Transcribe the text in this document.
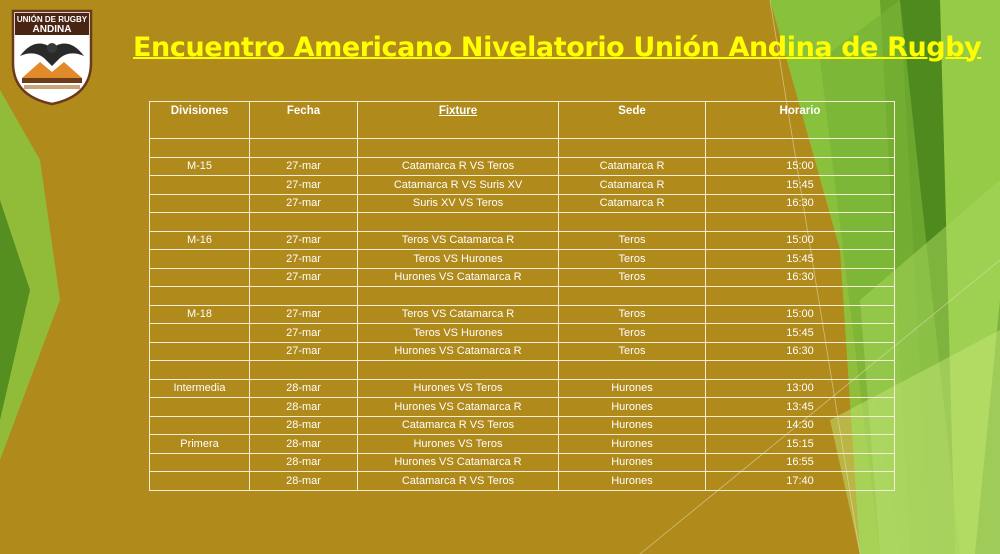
UNIÓN DE RUGBY
ANDINA
Encuentro Americano Nivelatorio Unión Andina de Rugby
Divisiones	Fecha	Fixture	Sede	Horario

M-15	27-mar	Catamarca R VS Teros	Catamarca R	15:00
	27-mar	Catamarca R VS Suris XV	Catamarca R	15:45
	27-mar	Suris XV VS Teros	Catamarca R	16:30

M-16	27-mar	Teros VS Catamarca R	Teros	15:00
	27-mar	Teros VS Hurones	Teros	15:45
	27-mar	Hurones VS Catamarca R	Teros	16:30

M-18	27-mar	Teros VS Catamarca R	Teros	15:00
	27-mar	Teros VS Hurones	Teros	15:45
	27-mar	Hurones VS Catamarca R	Teros	16:30

Intermedia	28-mar	Hurones VS Teros	Hurones	13:00
	28-mar	Hurones VS Catamarca R	Hurones	13:45
	28-mar	Catamarca R VS Teros	Hurones	14:30
Primera	28-mar	Hurones VS Teros	Hurones	15:15
	28-mar	Hurones VS Catamarca R	Hurones	16:55
	28-mar	Catamarca R VS Teros	Hurones	17:40
